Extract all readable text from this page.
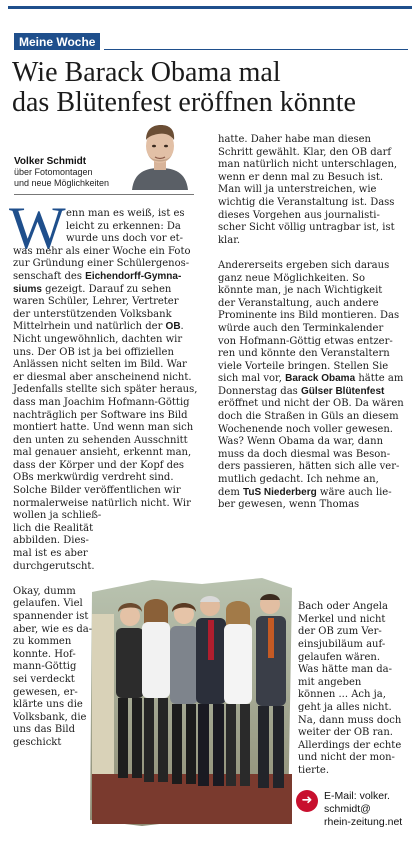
Meine Woche
Wie Barack Obama mal
das Blütenfest eröffnen könnte
Volker Schmidt
über Fotomontagen
und neue Möglichkeiten
W enn man es weiß, ist es
leicht zu erkennen: Da
wurde uns doch vor et-
was mehr als einer Woche ein Foto
zur Gründung einer Schülergenos-
senschaft des Eichendorff-Gymna-
siums gezeigt. Darauf zu sehen
waren Schüler, Lehrer, Vertreter
der unterstützenden Volksbank
Mittelrhein und natürlich der OB.
Nicht ungewöhnlich, dachten wir
uns. Der OB ist ja bei offiziellen
Anlässen nicht selten im Bild. War
er diesmal aber anscheinend nicht.
Jedenfalls stellte sich später heraus,
dass man Joachim Hofmann-Göttig
nachträglich per Software ins Bild
montiert hatte. Und wenn man sich
den unten zu sehenden Ausschnitt
mal genauer ansieht, erkennt man,
dass der Körper und der Kopf des
OBs merkwürdig verdreht sind.
Solche Bilder veröffentlichen wir
normalerweise natürlich nicht. Wir
wollen ja schließ-
lich die Realität
abbilden. Dies-
mal ist es aber
durchgerutscht.
Okay, dumm
gelaufen. Viel
spannender ist
aber, wie es da-
zu kommen
konnte. Hof-
mann-Göttig
sei verdeckt
gewesen, er-
klärte uns die
Volksbank, die
uns das Bild
geschickt
hatte. Daher habe man diesen
Schritt gewählt. Klar, den OB darf
man natürlich nicht unterschlagen,
wenn er denn mal zu Besuch ist.
Man will ja unterstreichen, wie
wichtig die Veranstaltung ist. Dass
dieses Vorgehen aus journalisti-
scher Sicht völlig untragbar ist, ist
klar.
Andererseits ergeben sich daraus
ganz neue Möglichkeiten. So
könnte man, je nach Wichtigkeit
der Veranstaltung, auch andere
Prominente ins Bild montieren. Das
würde auch den Terminkalender
von Hofmann-Göttig etwas entzer-
ren und könnte den Veranstaltern
viele Vorteile bringen. Stellen Sie
sich mal vor, Barack Obama hätte am
Donnerstag das Gülser Blütenfest
eröffnet und nicht der OB. Da wären
doch die Straßen in Güls an diesem
Wochenende noch voller gewesen.
Was? Wenn Obama da war, dann
muss da doch diesmal was Beson-
ders passieren, hätten sich alle ver-
mutlich gedacht. Ich nehme an,
dem TuS Niederberg wäre auch lie-
ber gewesen, wenn Thomas
Bach oder Angela
Merkel und nicht
der OB zum Ver-
einsjubiläum auf-
gelaufen wären.
Was hätte man da-
mit angeben
können ... Ach ja,
geht ja alles nicht.
Na, dann muss doch
weiter der OB ran.
Allerdings der echte
und nicht der mon-
tierte.
➜	E-Mail: volker.
schmidt@
rhein-zeitung.net
